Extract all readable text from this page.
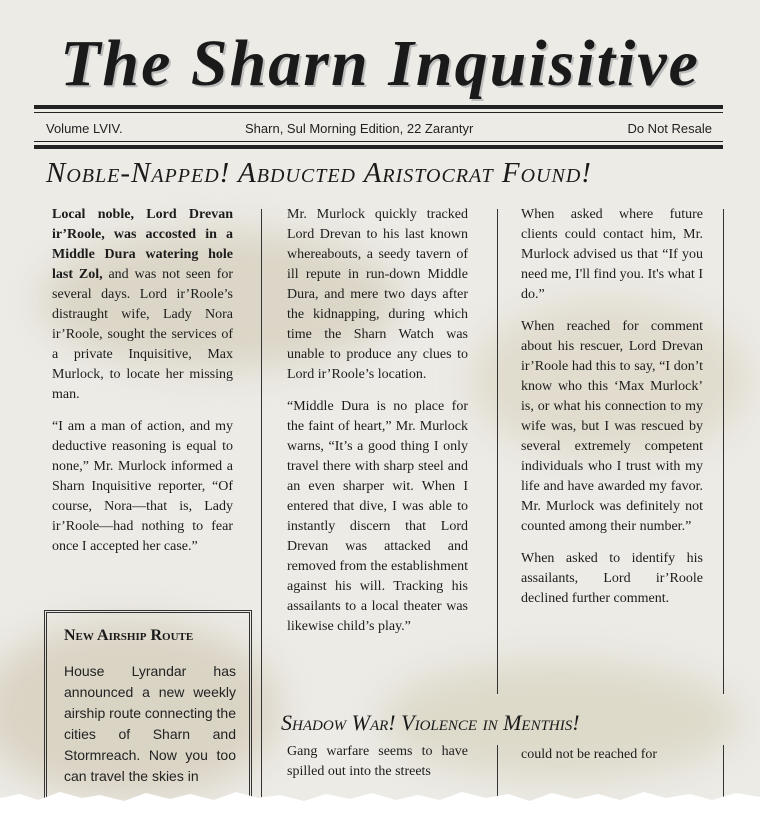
The Sharn Inquisitive
Volume LVIV.	Sharn, Sul Morning Edition, 22 Zarantyr	Do Not Resale
Noble-Napped! Abducted Aristocrat Found!

Local noble, Lord Drevan ir’Roole, was accosted in a Middle Dura watering hole last Zol, and was not seen for several days. Lord ir’Roole’s distraught wife, Lady Nora ir’Roole, sought the services of a private Inquisitive, Max Murlock, to locate her missing man.

“I am a man of action, and my deductive reasoning is equal to none,” Mr. Murlock informed a Sharn Inquisitive reporter, “Of course, Nora—that is, Lady ir’Roole—had nothing to fear once I accepted her case.”

Mr. Murlock quickly tracked Lord Drevan to his last known whereabouts, a seedy tavern of ill repute in run-down Middle Dura, and mere two days after the kidnapping, during which time the Sharn Watch was unable to produce any clues to Lord ir’Roole’s location.

“Middle Dura is no place for the faint of heart,” Mr. Murlock warns, “It’s a good thing I only travel there with sharp steel and an even sharper wit. When I entered that dive, I was able to instantly discern that Lord Drevan was attacked and removed from the establishment against his will. Tracking his assailants to a local theater was likewise child’s play.”

When asked where future clients could contact him, Mr. Murlock advised us that “If you need me, I'll find you. It's what I do.”

When reached for comment about his rescuer, Lord Drevan ir’Roole had this to say, “I don’t know who this ‘Max Murlock’ is, or what his connection to my wife was, but I was rescued by several extremely competent individuals who I trust with my life and have awarded my favor. Mr. Murlock was definitely not counted among their number.”

When asked to identify his assailants, Lord ir’Roole declined further comment.

New Airship Route
House Lyrandar has announced a new weekly airship route connecting the cities of Sharn and Stormreach. Now you too can travel the skies in
Shadow War! Violence in Menthis!
Gang warfare seems to have spilled out into the streets
could not be reached for
